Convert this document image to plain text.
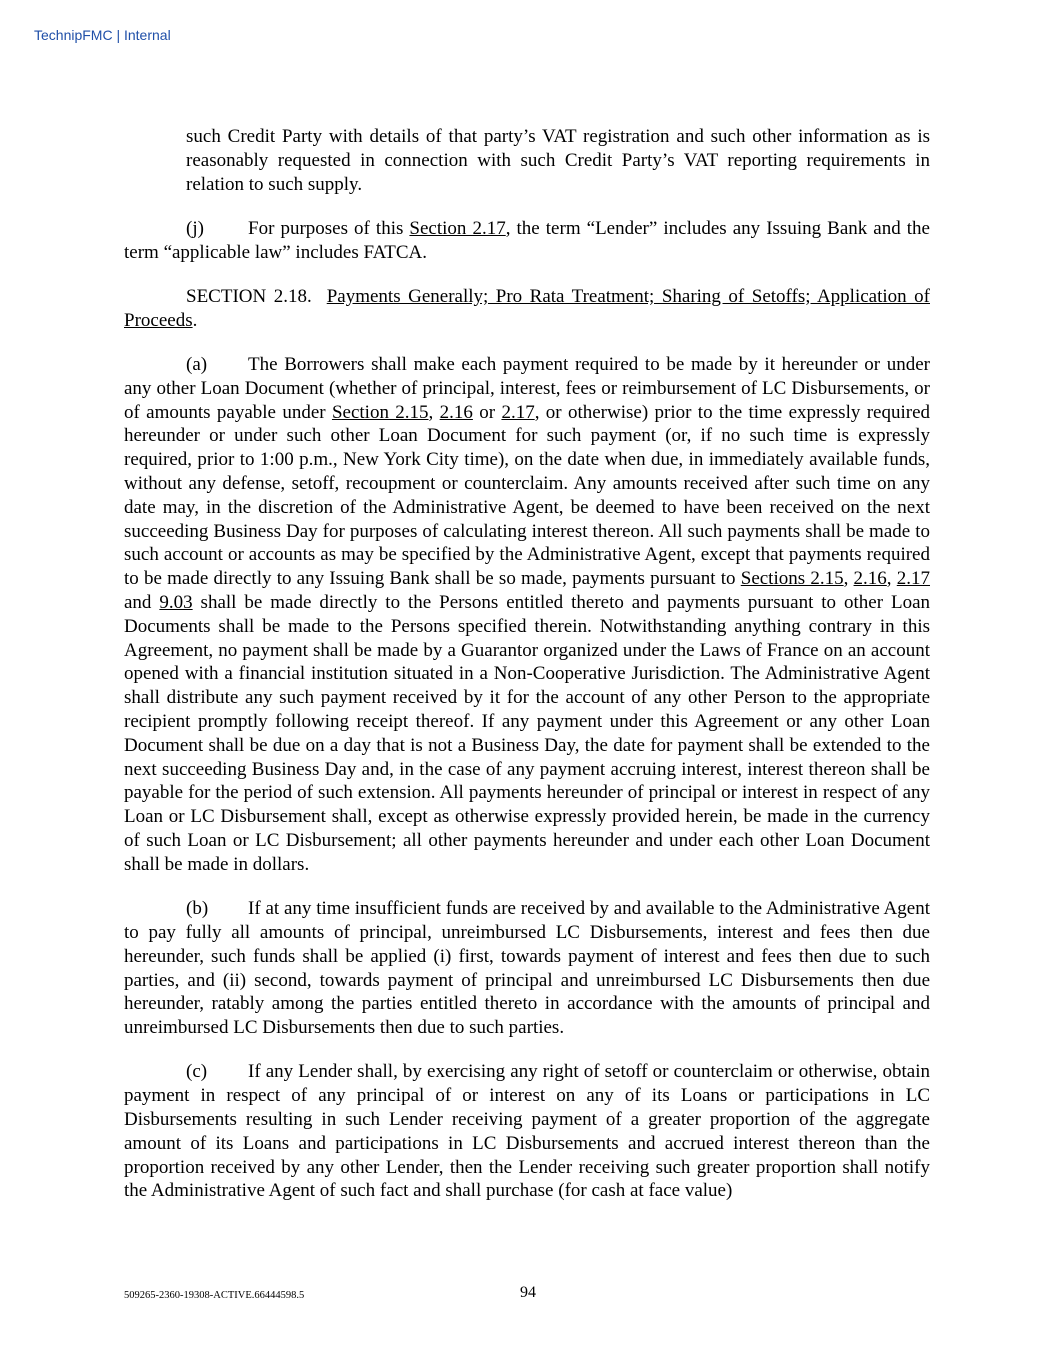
TechnipFMC | Internal

such Credit Party with details of that party’s VAT registration and such other information as is reasonably requested in connection with such Credit Party’s VAT reporting requirements in relation to such supply.

(j) For purposes of this Section 2.17, the term “Lender” includes any Issuing Bank and the term “applicable law” includes FATCA.

SECTION 2.18. Payments Generally; Pro Rata Treatment; Sharing of Setoffs; Application of Proceeds.

(a) The Borrowers shall make each payment required to be made by it hereunder or under any other Loan Document (whether of principal, interest, fees or reimbursement of LC Disbursements, or of amounts payable under Section 2.15, 2.16 or 2.17, or otherwise) prior to the time expressly required hereunder or under such other Loan Document for such payment (or, if no such time is expressly required, prior to 1:00 p.m., New York City time), on the date when due, in immediately available funds, without any defense, setoff, recoupment or counterclaim. Any amounts received after such time on any date may, in the discretion of the Administrative Agent, be deemed to have been received on the next succeeding Business Day for purposes of calculating interest thereon. All such payments shall be made to such account or accounts as may be specified by the Administrative Agent, except that payments required to be made directly to any Issuing Bank shall be so made, payments pursuant to Sections 2.15, 2.16, 2.17 and 9.03 shall be made directly to the Persons entitled thereto and payments pursuant to other Loan Documents shall be made to the Persons specified therein. Notwithstanding anything contrary in this Agreement, no payment shall be made by a Guarantor organized under the Laws of France on an account opened with a financial institution situated in a Non-Cooperative Jurisdiction. The Administrative Agent shall distribute any such payment received by it for the account of any other Person to the appropriate recipient promptly following receipt thereof. If any payment under this Agreement or any other Loan Document shall be due on a day that is not a Business Day, the date for payment shall be extended to the next succeeding Business Day and, in the case of any payment accruing interest, interest thereon shall be payable for the period of such extension. All payments hereunder of principal or interest in respect of any Loan or LC Disbursement shall, except as otherwise expressly provided herein, be made in the currency of such Loan or LC Disbursement; all other payments hereunder and under each other Loan Document shall be made in dollars.

(b) If at any time insufficient funds are received by and available to the Administrative Agent to pay fully all amounts of principal, unreimbursed LC Disbursements, interest and fees then due hereunder, such funds shall be applied (i) first, towards payment of interest and fees then due to such parties, and (ii) second, towards payment of principal and unreimbursed LC Disbursements then due hereunder, ratably among the parties entitled thereto in accordance with the amounts of principal and unreimbursed LC Disbursements then due to such parties.

(c) If any Lender shall, by exercising any right of setoff or counterclaim or otherwise, obtain payment in respect of any principal of or interest on any of its Loans or participations in LC Disbursements resulting in such Lender receiving payment of a greater proportion of the aggregate amount of its Loans and participations in LC Disbursements and accrued interest thereon than the proportion received by any other Lender, then the Lender receiving such greater proportion shall notify the Administrative Agent of such fact and shall purchase (for cash at face value)

509265-2360-19308-ACTIVE.66444598.5	94
